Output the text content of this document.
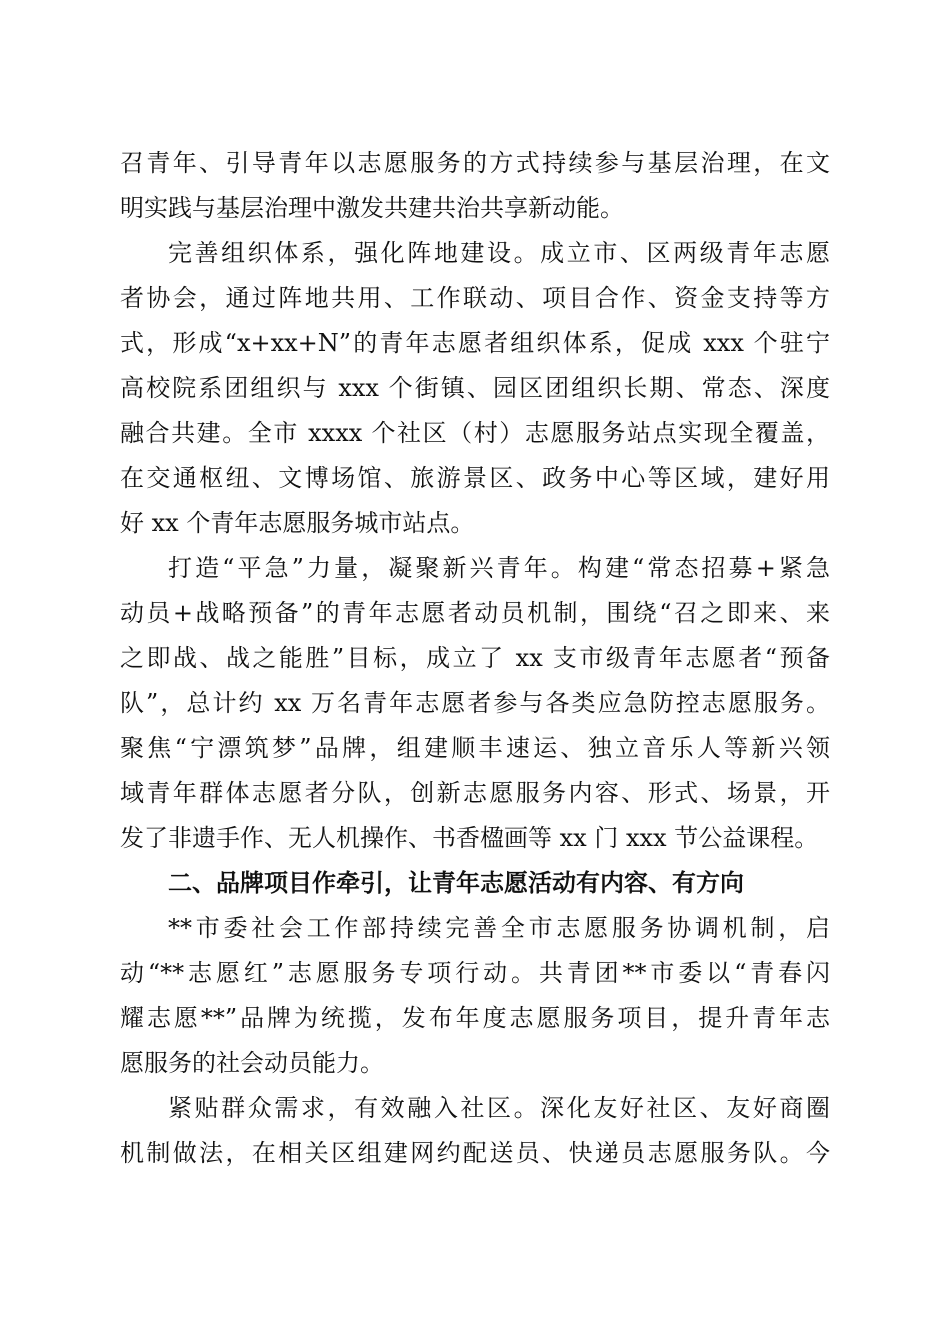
召青年、引导青年以志愿服务的方式持续参与基层治理，在文
明实践与基层治理中激发共建共治共享新动能。
完善组织体系，强化阵地建设。成立市、区两级青年志愿
者协会，通过阵地共用、工作联动、项目合作、资金支持等方
式，形成“x+xx+N”的青年志愿者组织体系，促成 xxx 个驻宁
高校院系团组织与 xxx 个街镇、园区团组织长期、常态、深度
融合共建。全市 xxxx 个社区（村）志愿服务站点实现全覆盖，
在交通枢纽、文博场馆、旅游景区、政务中心等区域，建好用
好 xx 个青年志愿服务城市站点。
打造“平急”力量，凝聚新兴青年。构建“常态招募+紧急
动员+战略预备”的青年志愿者动员机制，围绕“召之即来、来
之即战、战之能胜”目标，成立了 xx 支市级青年志愿者“预备
队”，总计约 xx 万名青年志愿者参与各类应急防控志愿服务。
聚焦“宁漂筑梦”品牌，组建顺丰速运、独立音乐人等新兴领
域青年群体志愿者分队，创新志愿服务内容、形式、场景，开
发了非遗手作、无人机操作、书香楹画等 xx 门 xxx 节公益课程。
二、品牌项目作牵引，让青年志愿活动有内容、有方向
**市委社会工作部持续完善全市志愿服务协调机制，启
动“**志愿红”志愿服务专项行动。共青团**市委以“青春闪
耀志愿**”品牌为统揽，发布年度志愿服务项目，提升青年志
愿服务的社会动员能力。
紧贴群众需求，有效融入社区。深化友好社区、友好商圈
机制做法，在相关区组建网约配送员、快递员志愿服务队。今
